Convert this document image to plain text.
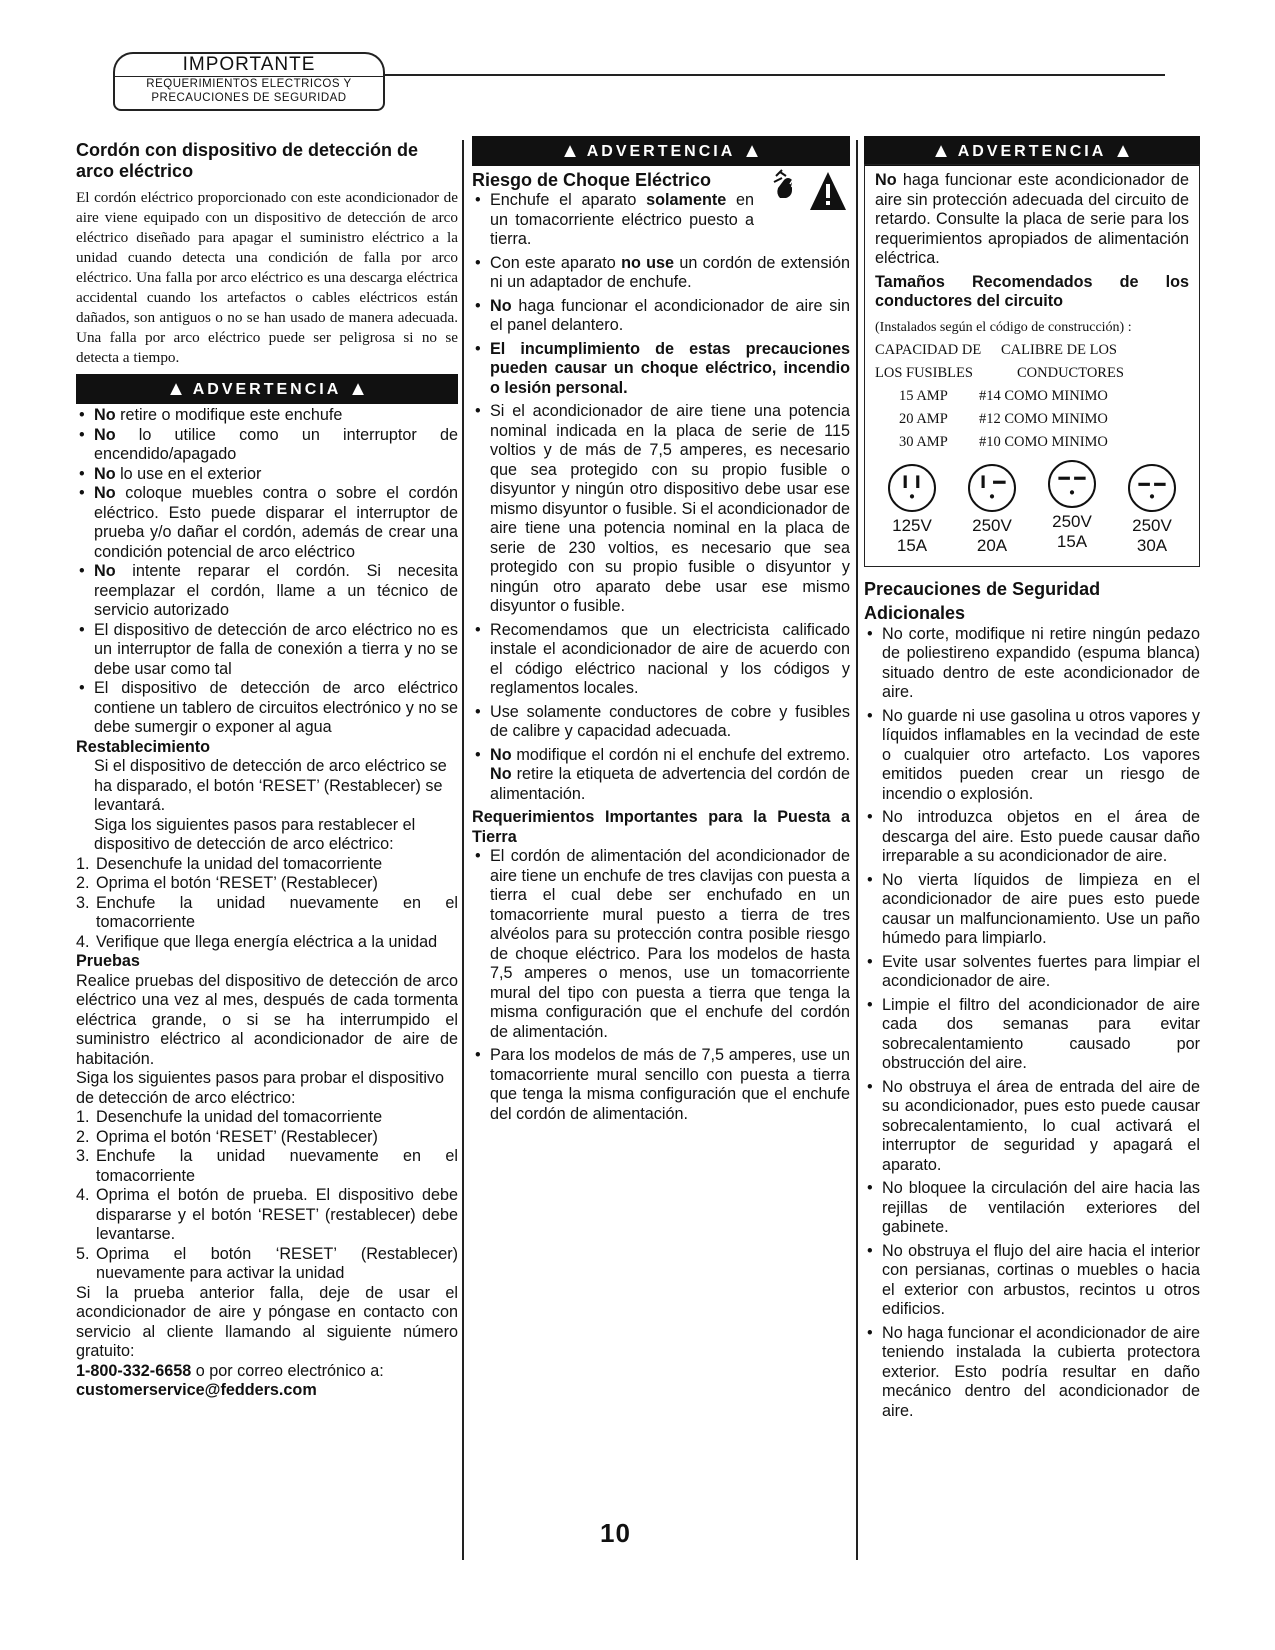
IMPORTANTE
REQUERIMIENTOS ELECTRICOS Y
PRECAUCIONES DE SEGURIDAD
Cordón con dispositivo de detección de arco eléctrico
El cordón eléctrico proporcionado con este acondicionador de aire viene equipado con un dispositivo de detección de arco eléctrico diseñado para apagar el suministro eléctrico a la unidad cuando detecta una condición de falla por arco eléctrico. Una falla por arco eléctrico es una descarga eléctrica accidental cuando los artefactos o cables eléctricos están dañados, son antiguos o no se han usado de manera adecuada. Una falla por arco eléctrico puede ser peligrosa si no se detecta a tiempo.
▲ ADVERTENCIA ▲
• No retire o modifique este enchufe
• No lo utilice como un interruptor de encendido/apagado
• No lo use en el exterior
• No coloque muebles contra o sobre el cordón eléctrico. Esto puede disparar el interruptor de prueba y/o dañar el cordón, además de crear una condición potencial de arco eléctrico
• No intente reparar el cordón. Si necesita reemplazar el cordón, llame a un técnico de servicio autorizado
• El dispositivo de detección de arco eléctrico no es un interruptor de falla de conexión a tierra y no se debe usar como tal
• El dispositivo de detección de arco eléctrico contiene un tablero de circuitos electrónico y no se debe sumergir o exponer al agua
Restablecimiento
Si el dispositivo de detección de arco eléctrico se ha disparado, el botón ‘RESET’ (Restablecer) se levantará.
Siga los siguientes pasos para restablecer el dispositivo de detección de arco eléctrico:
1. Desenchufe la unidad del tomacorriente
2. Oprima el botón ‘RESET’ (Restablecer)
3. Enchufe la unidad nuevamente en el tomacorriente
4. Verifique que llega energía eléctrica a la unidad
Pruebas
Realice pruebas del dispositivo de detección de arco eléctrico una vez al mes, después de cada tormenta eléctrica grande, o si se ha interrumpido el suministro eléctrico al acondicionador de aire de habitación.
Siga los siguientes pasos para probar el dispositivo de detección de arco eléctrico:
1. Desenchufe la unidad del tomacorriente
2. Oprima el botón ‘RESET’ (Restablecer)
3. Enchufe la unidad nuevamente en el tomacorriente
4. Oprima el botón de prueba. El dispositivo debe dispararse y el botón ‘RESET’ (restablecer) debe levantarse.
5. Oprima el botón ‘RESET’ (Restablecer) nuevamente para activar la unidad
Si la prueba anterior falla, deje de usar el acondicionador de aire y póngase en contacto con servicio al cliente llamando al siguiente número gratuito:
1-800-332-6658 o por correo electrónico a:
customerservice@fedders.com
▲ ADVERTENCIA ▲
Riesgo de Choque Eléctrico
• Enchufe el aparato solamente en un tomacorriente eléctrico puesto a tierra.
• Con este aparato no use un cordón de extensión ni un adaptador de enchufe.
• No haga funcionar el acondicionador de aire sin el panel delantero.
• El incumplimiento de estas precauciones pueden causar un choque eléctrico, incendio o lesión personal.
• Si el acondicionador de aire tiene una potencia nominal indicada en la placa de serie de 115 voltios y de más de 7,5 amperes, es necesario que sea protegido con su propio fusible o disyuntor y ningún otro dispositivo debe usar ese mismo disyuntor o fusible. Si el acondicionador de aire tiene una potencia nominal en la placa de serie de 230 voltios, es necesario que sea protegido con su propio fusible o disyuntor y ningún otro aparato debe usar ese mismo disyuntor o fusible.
• Recomendamos que un electricista calificado instale el acondicionador de aire de acuerdo con el código eléctrico nacional y los códigos y reglamentos locales.
• Use solamente conductores de cobre y fusibles de calibre y capacidad adecuada.
• No modifique el cordón ni el enchufe del extremo. No retire la etiqueta de advertencia del cordón de alimentación.
Requerimientos Importantes para la Puesta a Tierra
• El cordón de alimentación del acondicionador de aire tiene un enchufe de tres clavijas con puesta a tierra el cual debe ser enchufado en un tomacorriente mural puesto a tierra de tres alvéolos para su protección contra posible riesgo de choque eléctrico. Para los modelos de hasta 7,5 amperes o menos, use un tomacorriente mural del tipo con puesta a tierra que tenga la misma configuración que el enchufe del cordón de alimentación.
• Para los modelos de más de 7,5 amperes, use un tomacorriente mural sencillo con puesta a tierra que tenga la misma configuración que el enchufe del cordón de alimentación.
▲ ADVERTENCIA ▲
No haga funcionar este acondicionador de aire sin protección adecuada del circuito de retardo. Consulte la placa de serie para los requerimientos apropiados de alimentación eléctrica.
Tamaños Recomendados de los conductores del circuito
(Instalados según el código de construcción) :
CAPACIDAD DE	CALIBRE DE LOS
LOS FUSIBLES	CONDUCTORES
15 AMP	#14 COMO MINIMO
20 AMP	#12 COMO MINIMO
30 AMP	#10 COMO MINIMO
125V
15A
250V
20A
250V
15A
250V
30A
Precauciones de Seguridad Adicionales
• No corte, modifique ni retire ningún pedazo de poliestireno expandido (espuma blanca) situado dentro de este acondicionador de aire.
• No guarde ni use gasolina u otros vapores y líquidos inflamables en la vecindad de este o cualquier otro artefacto. Los vapores emitidos pueden crear un riesgo de incendio o explosión.
• No introduzca objetos en el área de descarga del aire. Esto puede causar daño irreparable a su acondicionador de aire.
• No vierta líquidos de limpieza en el acondicionador de aire pues esto puede causar un malfuncionamiento. Use un paño húmedo para limpiarlo.
• Evite usar solventes fuertes para limpiar el acondicionador de aire.
• Limpie el filtro del acondicionador de aire cada dos semanas para evitar sobrecalentamiento causado por obstrucción del aire.
• No obstruya el área de entrada del aire de su acondicionador, pues esto puede causar sobrecalentamiento, lo cual activará el interruptor de seguridad y apagará el aparato.
• No bloquee la circulación del aire hacia las rejillas de ventilación exteriores del gabinete.
• No obstruya el flujo del aire hacia el interior con persianas, cortinas o muebles o hacia el exterior con arbustos, recintos u otros edificios.
• No haga funcionar el acondicionador de aire teniendo instalada la cubierta protectora exterior. Esto podría resultar en daño mecánico dentro del acondicionador de aire.
10
